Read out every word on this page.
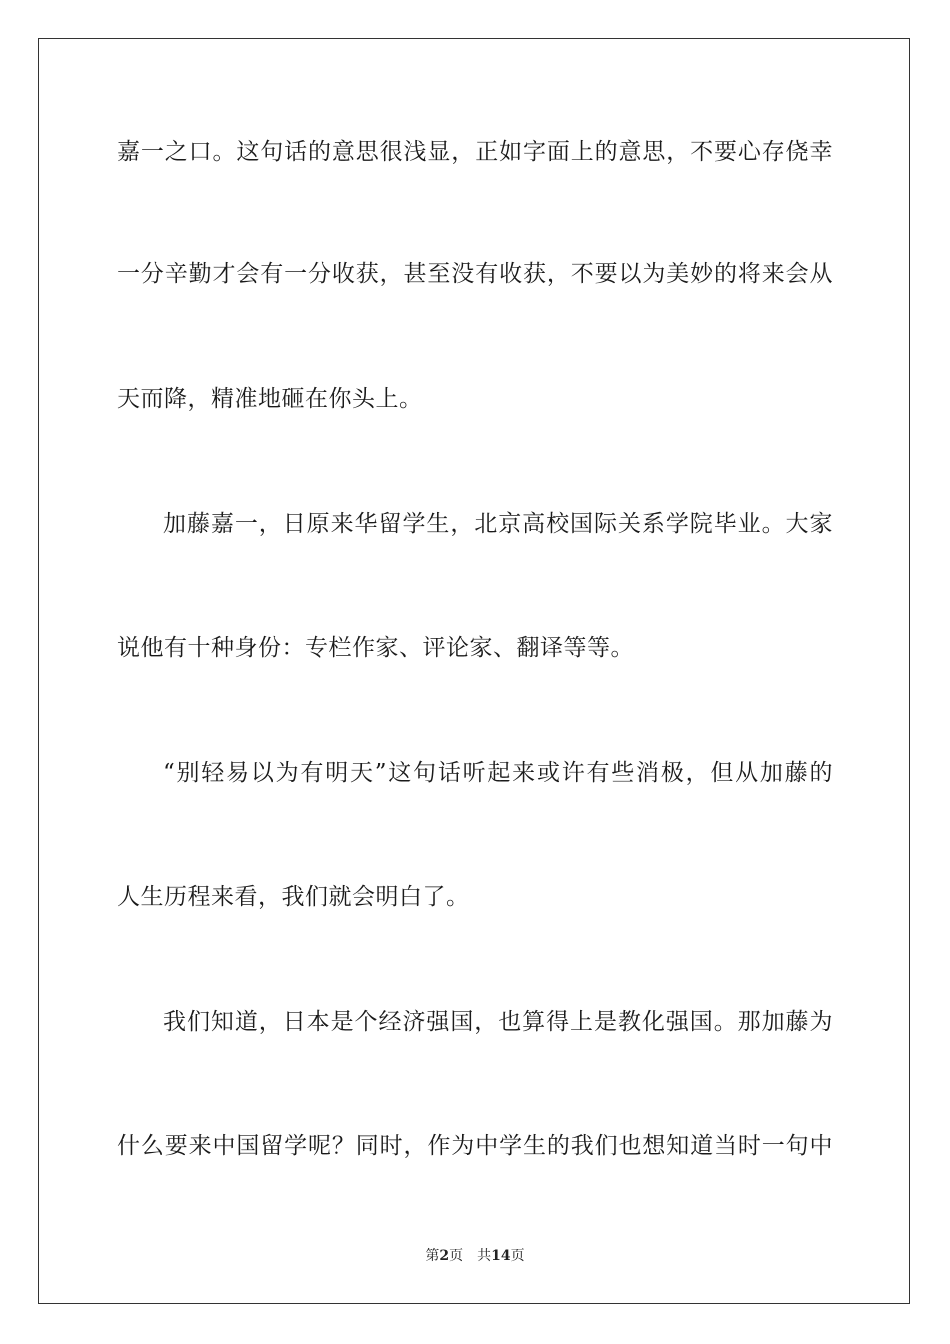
嘉一之口。这句话的意思很浅显，正如字面上的意思，不要心存侥幸
一分辛勤才会有一分收获，甚至没有收获，不要以为美妙的将来会从
天而降，精准地砸在你头上。
加藤嘉一，日原来华留学生，北京高校国际关系学院毕业。大家
说他有十种身份：专栏作家、评论家、翻译等等。
“别轻易以为有明天”这句话听起来或许有些消极，但从加藤的
人生历程来看，我们就会明白了。
我们知道，日本是个经济强国，也算得上是教化强国。那加藤为
什么要来中国留学呢？同时，作为中学生的我们也想知道当时一句中
第2页 共14页
